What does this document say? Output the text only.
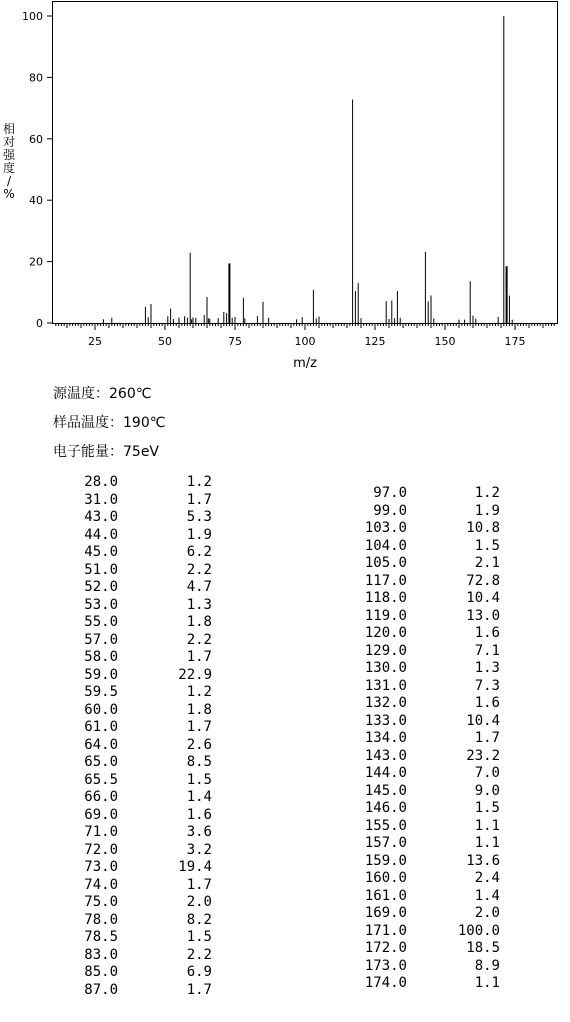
0
20
40
60
80
100
25	50	75	100	125	150	175
相对强度/ %
m/z
源温度：260℃
样品温度：190℃
电子能量：75eV
28.0	1.2
31.0	1.7
43.0	5.3
44.0	1.9
45.0	6.2
51.0	2.2
52.0	4.7
53.0	1.3
55.0	1.8
57.0	2.2
58.0	1.7
59.0	22.9
59.5	1.2
60.0	1.8
61.0	1.7
64.0	2.6
65.0	8.5
65.5	1.5
66.0	1.4
69.0	1.6
71.0	3.6
72.0	3.2
73.0	19.4
74.0	1.7
75.0	2.0
78.0	8.2
78.5	1.5
83.0	2.2
85.0	6.9
87.0	1.7
97.0	1.2
99.0	1.9
103.0	10.8
104.0	1.5
105.0	2.1
117.0	72.8
118.0	10.4
119.0	13.0
120.0	1.6
129.0	7.1
130.0	1.3
131.0	7.3
132.0	1.6
133.0	10.4
134.0	1.7
143.0	23.2
144.0	7.0
145.0	9.0
146.0	1.5
155.0	1.1
157.0	1.1
159.0	13.6
160.0	2.4
161.0	1.4
169.0	2.0
171.0	100.0
172.0	18.5
173.0	8.9
174.0	1.1
